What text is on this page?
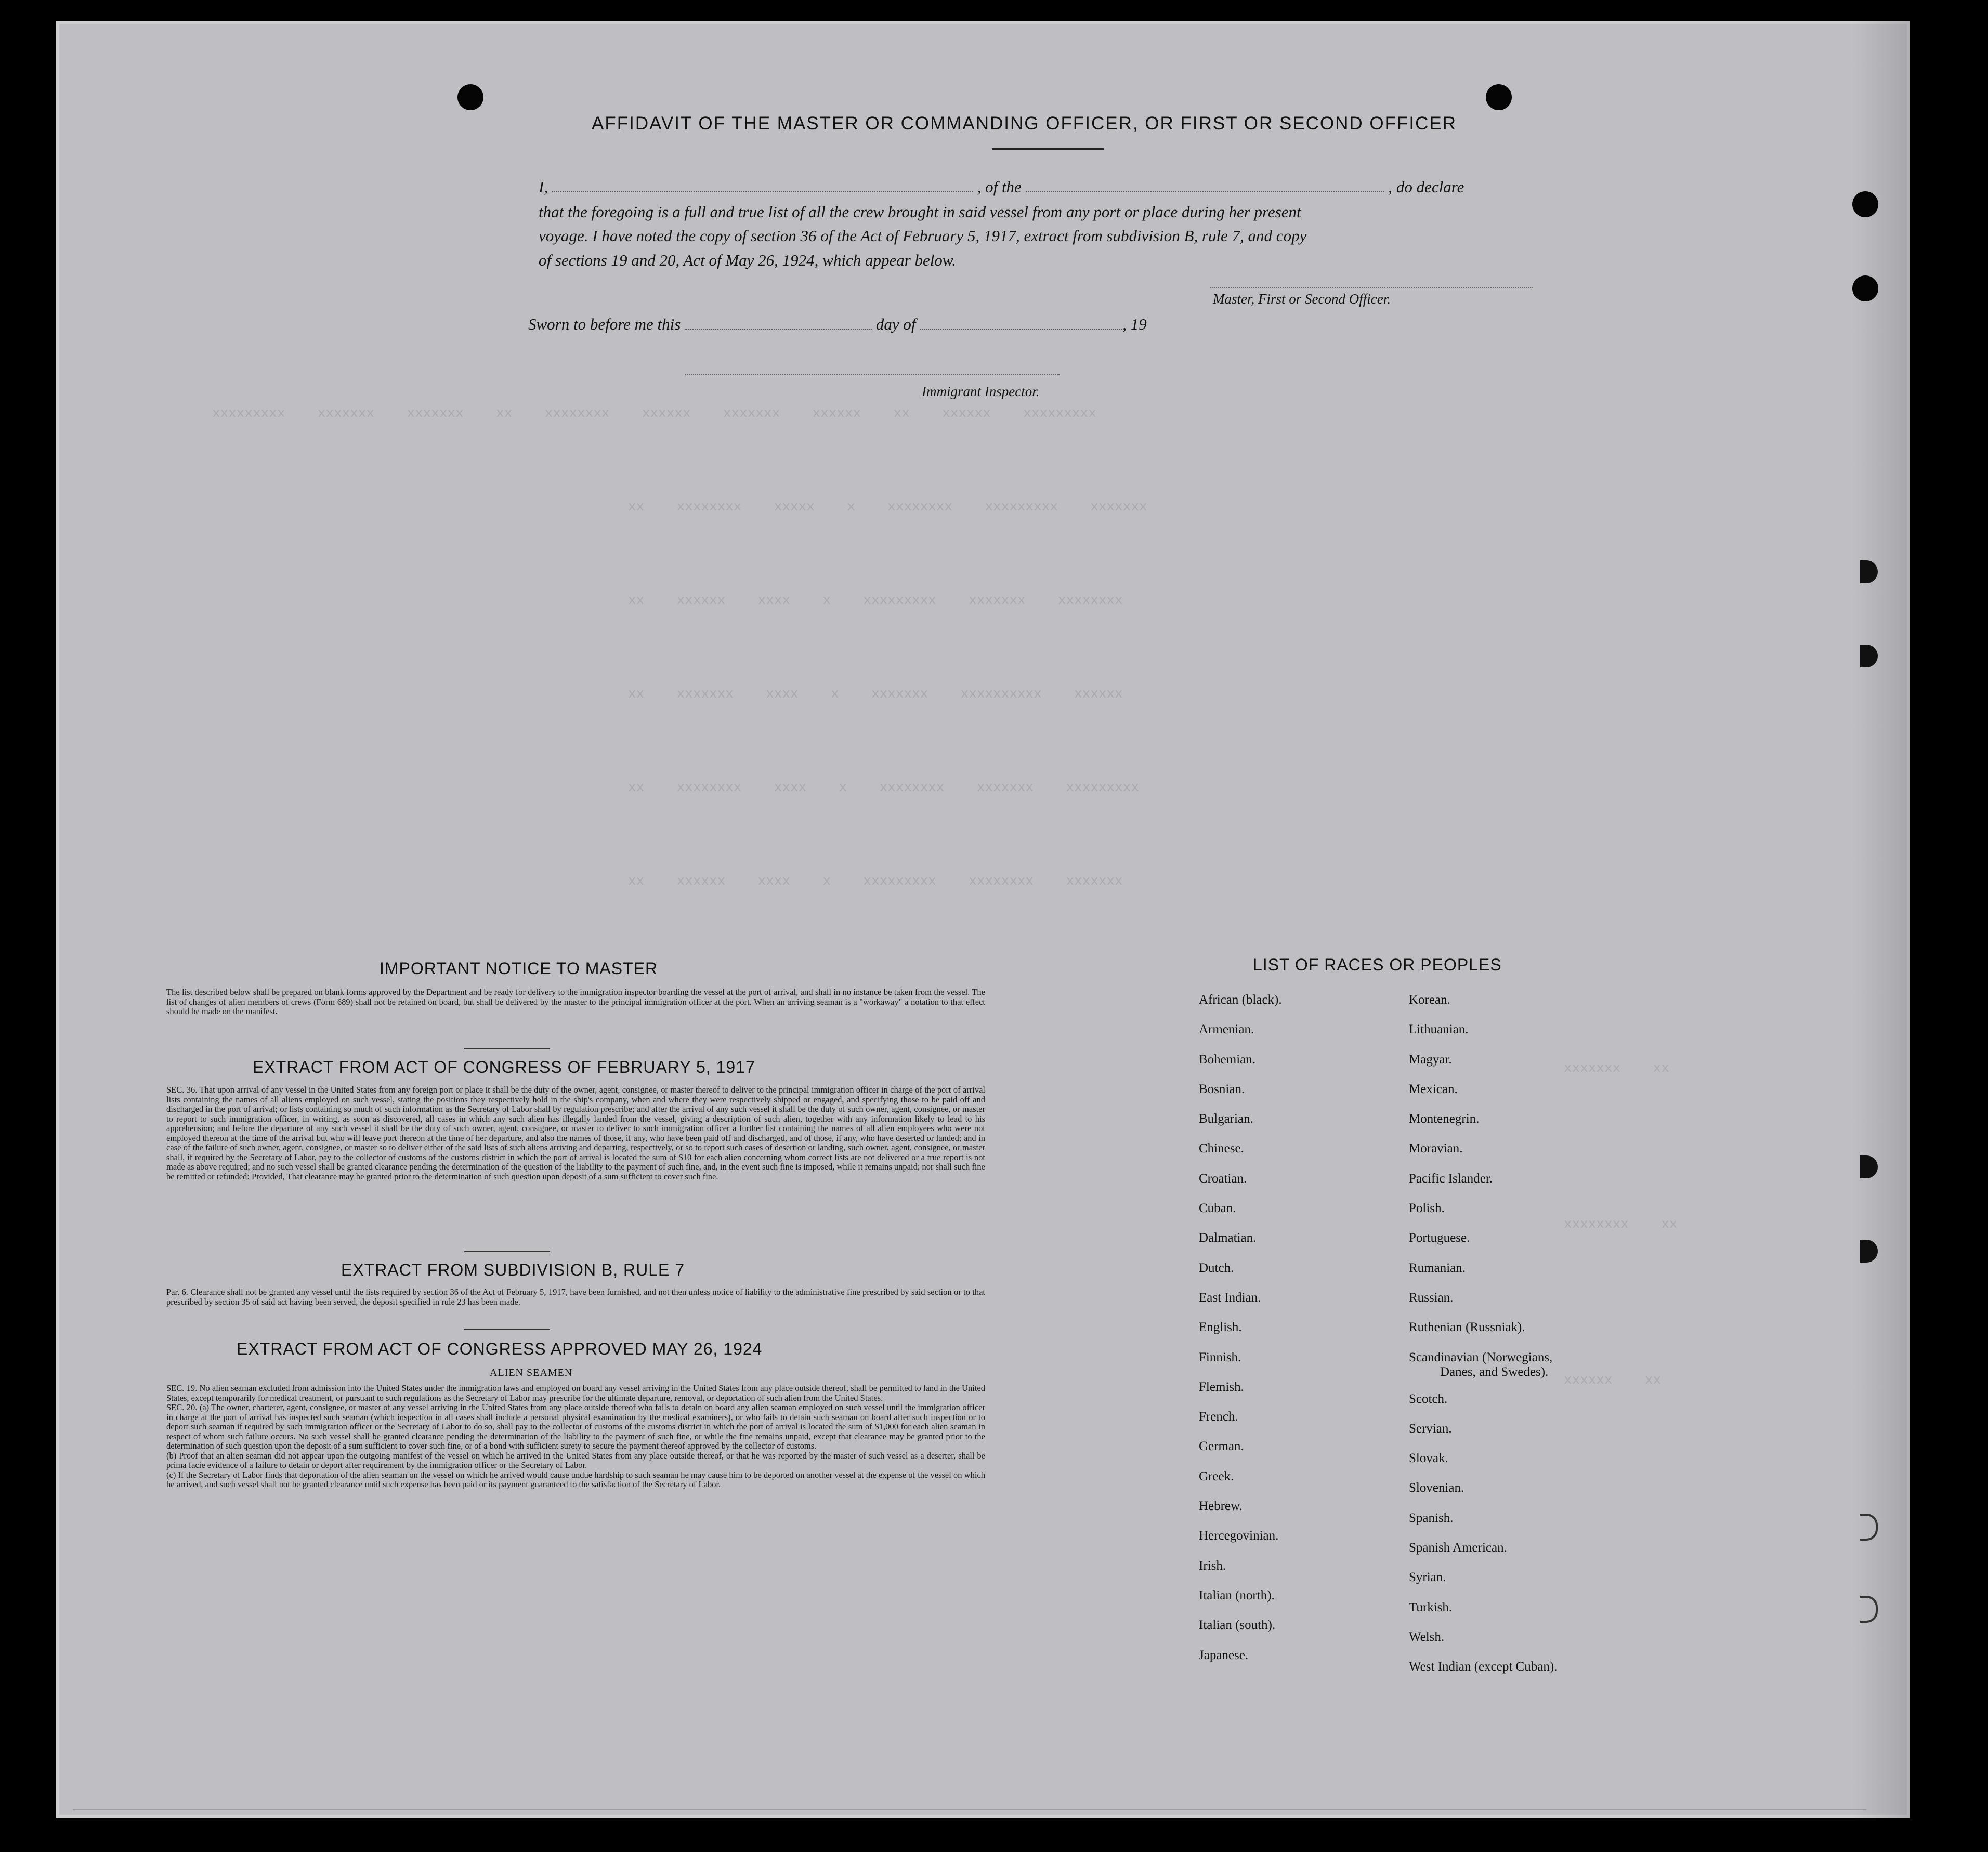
xxxxxxxxx    xxxxxxx    xxxxxxx    xx    xxxxxxxx    xxxxxx    xxxxxxx    xxxxxx    xx    xxxxxx    xxxxxxxxx
xx    xxxxxxxx    xxxxx    x    xxxxxxxx    xxxxxxxxx    xxxxxxx
xx    xxxxxx    xxxx    x    xxxxxxxxx    xxxxxxx    xxxxxxxx
xx    xxxxxxx    xxxx    x    xxxxxxx    xxxxxxxxxx    xxxxxx
xx    xxxxxxxx    xxxx    x    xxxxxxxx    xxxxxxx    xxxxxxxxx
xx    xxxxxx    xxxx    x    xxxxxxxxx    xxxxxxxx    xxxxxxx
xxxxxxx    xx
xxxxxxxx    xx
xxxxxx    xx
AFFIDAVIT OF THE MASTER OR COMMANDING OFFICER, OR FIRST OR SECOND OFFICER
I,	, of the	, do declare
that the foregoing is a full and true list of all the crew brought in said vessel from any port or place during her present
voyage. I have noted the copy of section 36 of the Act of February 5, 1917, extract from subdivision B, rule 7, and copy
of sections 19 and 20, Act of May 26, 1924, which appear below.
Master, First or Second Officer.
Sworn to before me this	day of	, 19
Immigrant Inspector.
IMPORTANT NOTICE TO MASTER
The list described below shall be prepared on blank forms approved by the Department and be ready for delivery to the immigration inspector boarding the vessel at the port of arrival, and shall in no instance be taken from the vessel. The list of changes of alien members of crews (Form 689) shall not be retained on board, but shall be delivered by the master to the principal immigration officer at the port. When an arriving seaman is a "workaway" a notation to that effect should be made on the manifest.
EXTRACT FROM ACT OF CONGRESS OF FEBRUARY 5, 1917
SEC. 36. That upon arrival of any vessel in the United States from any foreign port or place it shall be the duty of the owner, agent, consignee, or master thereof to deliver to the principal immigration officer in charge of the port of arrival lists containing the names of all aliens employed on such vessel, stating the positions they respectively hold in the ship's company, when and where they were respectively shipped or engaged, and specifying those to be paid off and discharged in the port of arrival; or lists containing so much of such information as the Secretary of Labor shall by regulation prescribe; and after the arrival of any such vessel it shall be the duty of such owner, agent, consignee, or master to report to such immigration officer, in writing, as soon as discovered, all cases in which any such alien has illegally landed from the vessel, giving a description of such alien, together with any information likely to lead to his apprehension; and before the departure of any such vessel it shall be the duty of such owner, agent, consignee, or master to deliver to such immigration officer a further list containing the names of all alien employees who were not employed thereon at the time of the arrival but who will leave port thereon at the time of her departure, and also the names of those, if any, who have been paid off and discharged, and of those, if any, who have deserted or landed; and in case of the failure of such owner, agent, consignee, or master so to deliver either of the said lists of such aliens arriving and departing, respectively, or so to report such cases of desertion or landing, such owner, agent, consignee, or master shall, if required by the Secretary of Labor, pay to the collector of customs of the customs district in which the port of arrival is located the sum of $10 for each alien concerning whom correct lists are not delivered or a true report is not made as above required; and no such vessel shall be granted clearance pending the determination of the question of the liability to the payment of such fine, and, in the event such fine is imposed, while it remains unpaid; nor shall such fine be remitted or refunded: Provided, That clearance may be granted prior to the determination of such question upon deposit of a sum sufficient to cover such fine.
EXTRACT FROM SUBDIVISION B, RULE 7
Par. 6. Clearance shall not be granted any vessel until the lists required by section 36 of the Act of February 5, 1917, have been furnished, and not then unless notice of liability to the administrative fine prescribed by said section or to that prescribed by section 35 of said act having been served, the deposit specified in rule 23 has been made.
EXTRACT FROM ACT OF CONGRESS APPROVED MAY 26, 1924
ALIEN SEAMEN
SEC. 19. No alien seaman excluded from admission into the United States under the immigration laws and employed on board any vessel arriving in the United States from any place outside thereof, shall be permitted to land in the United States, except temporarily for medical treatment, or pursuant to such regulations as the Secretary of Labor may prescribe for the ultimate departure, removal, or deportation of such alien from the United States.
SEC. 20. (a) The owner, charterer, agent, consignee, or master of any vessel arriving in the United States from any place outside thereof who fails to detain on board any alien seaman employed on such vessel until the immigration officer in charge at the port of arrival has inspected such seaman (which inspection in all cases shall include a personal physical examination by the medical examiners), or who fails to detain such seaman on board after such inspection or to deport such seaman if required by such immigration officer or the Secretary of Labor to do so, shall pay to the collector of customs of the customs district in which the port of arrival is located the sum of $1,000 for each alien seaman in respect of whom such failure occurs. No such vessel shall be granted clearance pending the determination of the liability to the payment of such fine, or while the fine remains unpaid, except that clearance may be granted prior to the determination of such question upon the deposit of a sum sufficient to cover such fine, or of a bond with sufficient surety to secure the payment thereof approved by the collector of customs.
(b) Proof that an alien seaman did not appear upon the outgoing manifest of the vessel on which he arrived in the United States from any place outside thereof, or that he was reported by the master of such vessel as a deserter, shall be prima facie evidence of a failure to detain or deport after requirement by the immigration officer or the Secretary of Labor.
(c) If the Secretary of Labor finds that deportation of the alien seaman on the vessel on which he arrived would cause undue hardship to such seaman he may cause him to be deported on another vessel at the expense of the vessel on which he arrived, and such vessel shall not be granted clearance until such expense has been paid or its payment guaranteed to the satisfaction of the Secretary of Labor.
LIST OF RACES OR PEOPLES
African (black).
Armenian.
Bohemian.
Bosnian.
Bulgarian.
Chinese.
Croatian.
Cuban.
Dalmatian.
Dutch.
East Indian.
English.
Finnish.
Flemish.
French.
German.
Greek.
Hebrew.
Hercegovinian.
Irish.
Italian (north).
Italian (south).
Japanese.
Korean.
Lithuanian.
Magyar.
Mexican.
Montenegrin.
Moravian.
Pacific Islander.
Polish.
Portuguese.
Rumanian.
Russian.
Ruthenian (Russniak).
Scandinavian (Norwegians,
Danes, and Swedes).
Scotch.
Servian.
Slovak.
Slovenian.
Spanish.
Spanish American.
Syrian.
Turkish.
Welsh.
West Indian (except Cuban).
